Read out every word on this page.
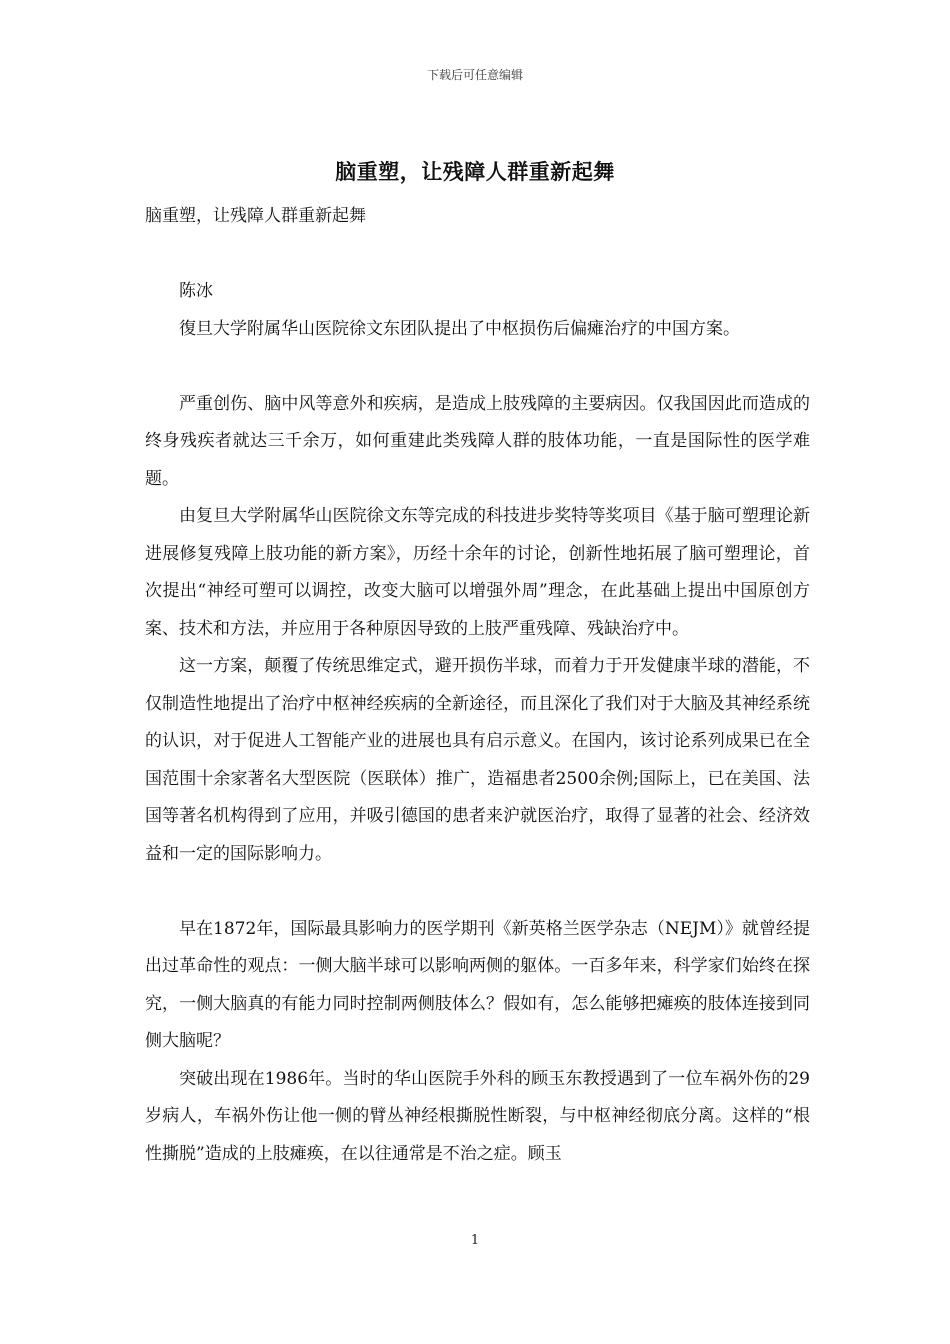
下载后可任意编辑
脑重塑，让残障人群重新起舞

脑重塑，让残障人群重新起舞

陈冰

復旦大学附属华山医院徐文东团队提出了中枢损伤后偏瘫治疗的中国方案。

严重创伤、脑中风等意外和疾病，是造成上肢残障的主要病因。仅我国因此而造成的终身残疾者就达三千余万，如何重建此类残障人群的肢体功能，一直是国际性的医学难题。

由复旦大学附属华山医院徐文东等完成的科技进步奖特等奖项目《基于脑可塑理论新进展修复残障上肢功能的新方案》，历经十余年的讨论，创新性地拓展了脑可塑理论，首次提出“神经可塑可以调控，改变大脑可以增强外周”理念，在此基础上提出中国原创方案、技术和方法，并应用于各种原因导致的上肢严重残障、残缺治疗中。

这一方案，颠覆了传统思维定式，避开损伤半球，而着力于开发健康半球的潜能，不仅制造性地提出了治疗中枢神经疾病的全新途径，而且深化了我们对于大脑及其神经系统的认识，对于促进人工智能产业的进展也具有启示意义。在国内，该讨论系列成果已在全国范围十余家著名大型医院（医联体）推广，造福患者2500余例;国际上，已在美国、法国等著名机构得到了应用，并吸引德国的患者来沪就医治疗，取得了显著的社会、经济效益和一定的国际影响力。

早在1872年，国际最具影响力的医学期刊《新英格兰医学杂志（NEJM）》就曾经提出过革命性的观点：一侧大脑半球可以影响两侧的躯体。一百多年来，科学家们始终在探究，一侧大脑真的有能力同时控制两侧肢体么？假如有，怎么能够把瘫痪的肢体连接到同侧大脑呢？

突破出现在1986年。当时的华山医院手外科的顾玉东教授遇到了一位车祸外伤的29岁病人，车祸外伤让他一侧的臂丛神经根撕脱性断裂，与中枢神经彻底分离。这样的“根性撕脱”造成的上肢瘫痪，在以往通常是不治之症。顾玉

1
